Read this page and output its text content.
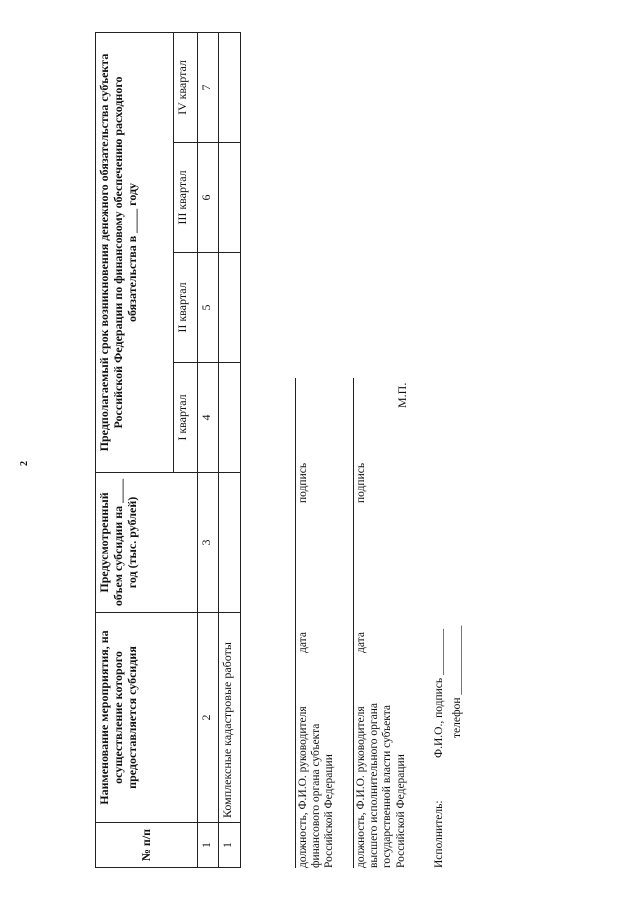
2
№ п/п	Наименование мероприятия, на осуществление которого предоставляется субсидия	Предусмотренный объем субсидии на ____ год (тыс. рублей)	Предполагаемый срок возникновения денежного обязательства субъекта Российской Федерации по финансовому обеспечению расходного обязательства в ____ году			
			I квартал	II квартал	III квартал	IV квартал
1	2	3	4	5	6	7
1	Комплексные кадастровые работы						должность, Ф.И.О. руководителя финансового органа субъекта Российской Федерации
дата
подпись
должность, Ф.И.О. руководителя высшего исполнительного органа государственной власти субъекта Российской Федерации
дата
подпись
М.П.
Исполнитель:
Ф.И.О., подпись ________ телефон ____________
